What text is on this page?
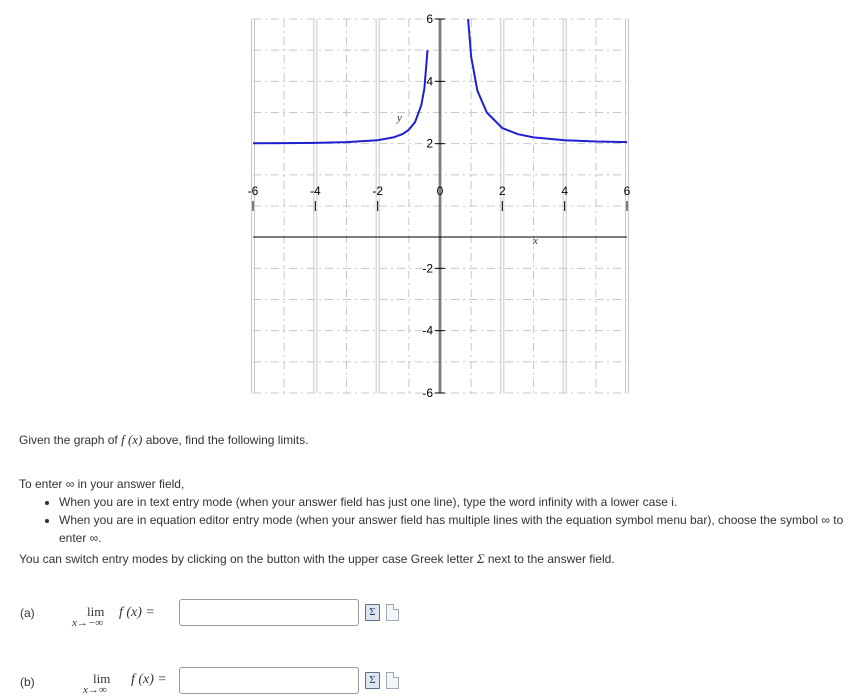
-6	-4	-2	0	2	4	6
-6
-4
-2
2
4
6
x
y
Given the graph of f (x) above, find the following limits.
To enter ∞ in your answer field,
• When you are in text entry mode (when your answer field has just one line), type the word infinity with a lower case i.
• When you are in equation editor entry mode (when your answer field has multiple lines with the equation symbol menu bar), choose the symbol ∞ to enter ∞.
You can switch entry modes by clicking on the button with the upper case Greek letter Σ next to the answer field.
(a)	lim
x→−∞
f (x) =	Σ
(b)	lim
x→∞
f (x) =	Σ
